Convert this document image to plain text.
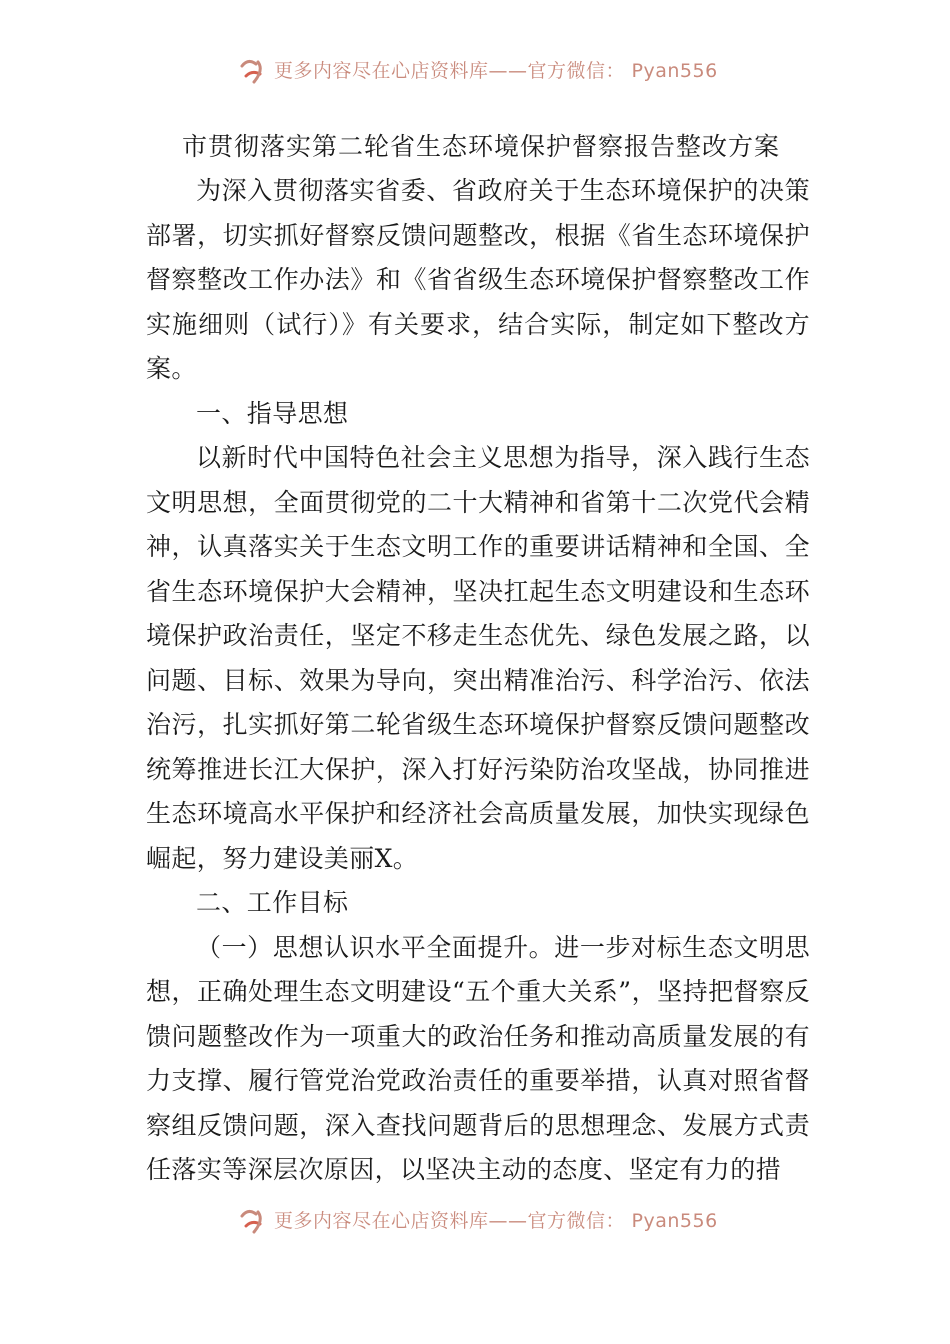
更多内容尽在心店资料库——官方微信： Pyan556
市贯彻落实第二轮省生态环境保护督察报告整改方案

为深入贯彻落实省委、省政府关于生态环境保护的决策部署，切实抓好督察反馈问题整改，根据《省生态环境保护督察整改工作办法》和《省省级生态环境保护督察整改工作实施细则（试行）》有关要求，结合实际，制定如下整改方案。

一、指导思想

以新时代中国特色社会主义思想为指导，深入践行生态文明思想，全面贯彻党的二十大精神和省第十二次党代会精神，认真落实关于生态文明工作的重要讲话精神和全国、全省生态环境保护大会精神，坚决扛起生态文明建设和生态环境保护政治责任，坚定不移走生态优先、绿色发展之路，以问题、目标、效果为导向，突出精准治污、科学治污、依法治污，扎实抓好第二轮省级生态环境保护督察反馈问题整改统筹推进长江大保护，深入打好污染防治攻坚战，协同推进生态环境高水平保护和经济社会高质量发展，加快实现绿色崛起，努力建设美丽X。

二、工作目标

（一）思想认识水平全面提升。进一步对标生态文明思想，正确处理生态文明建设“五个重大关系”，坚持把督察反馈问题整改作为一项重大的政治任务和推动高质量发展的有力支撑、履行管党治党政治责任的重要举措，认真对照省督察组反馈问题，深入查找问题背后的思想理念、发展方式责任落实等深层次原因，以坚决主动的态度、坚定有力的措

更多内容尽在心店资料库——官方微信： Pyan556
